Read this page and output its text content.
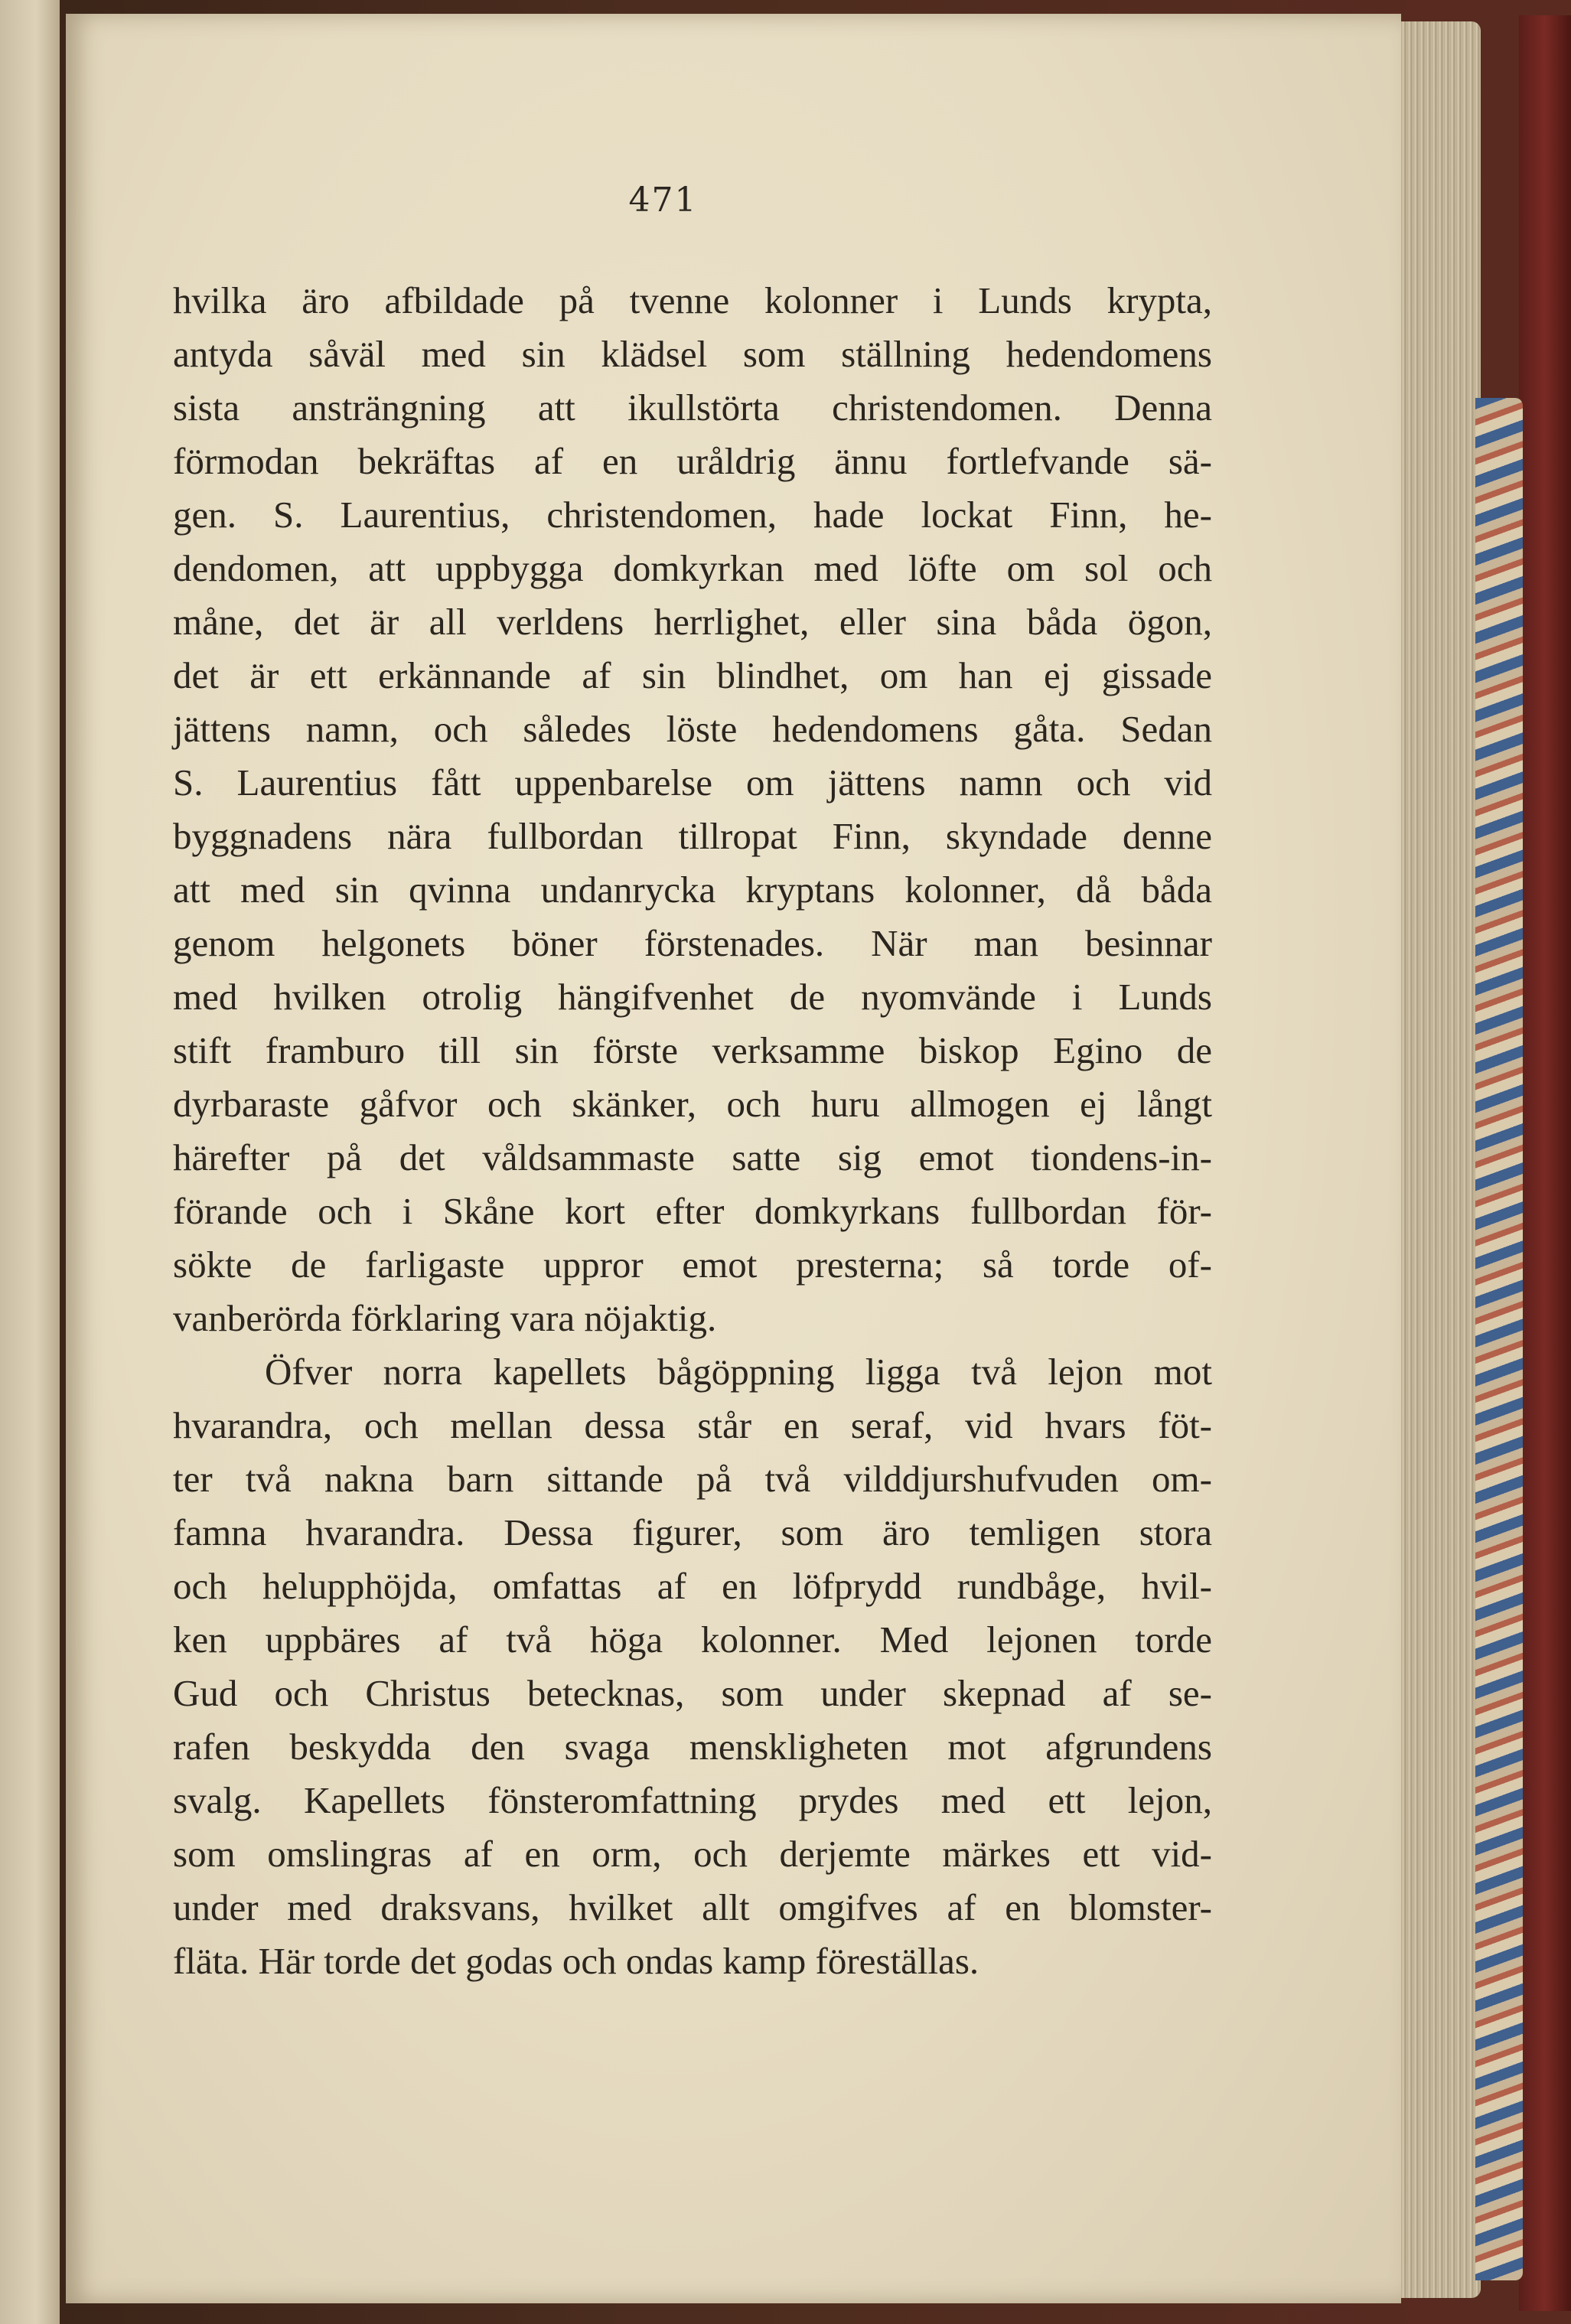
471
hvilka äro afbildade på tvenne kolonner i Lunds krypta,
antyda såväl med sin klädsel som ställning hedendomens
sista ansträngning att ikullstörta christendomen. Denna
förmodan bekräftas af en uråldrig ännu fortlefvande sä-
gen. S. Laurentius, christendomen, hade lockat Finn, he-
dendomen, att uppbygga domkyrkan med löfte om sol och
måne, det är all verldens herrlighet, eller sina båda ögon,
det är ett erkännande af sin blindhet, om han ej gissade
jättens namn, och således löste hedendomens gåta. Sedan
S. Laurentius fått uppenbarelse om jättens namn och vid
byggnadens nära fullbordan tillropat Finn, skyndade denne
att med sin qvinna undanrycka kryptans kolonner, då båda
genom helgonets böner förstenades. När man besinnar
med hvilken otrolig hängifvenhet de nyomvände i Lunds
stift framburo till sin förste verksamme biskop Egino de
dyrbaraste gåfvor och skänker, och huru allmogen ej långt
härefter på det våldsammaste satte sig emot tiondens-in-
förande och i Skåne kort efter domkyrkans fullbordan för-
sökte de farligaste uppror emot presterna; så torde of-
vanberörda förklaring vara nöjaktig.
Öfver norra kapellets bågöppning ligga två lejon mot
hvarandra, och mellan dessa står en seraf, vid hvars föt-
ter två nakna barn sittande på två vilddjurshufvuden om-
famna hvarandra. Dessa figurer, som äro temligen stora
och helupphöjda, omfattas af en löfprydd rundbåge, hvil-
ken uppbäres af två höga kolonner. Med lejonen torde
Gud och Christus betecknas, som under skepnad af se-
rafen beskydda den svaga menskligheten mot afgrundens
svalg. Kapellets fönsteromfattning prydes med ett lejon,
som omslingras af en orm, och derjemte märkes ett vid-
under med draksvans, hvilket allt omgifves af en blomster-
fläta. Här torde det godas och ondas kamp föreställas.
